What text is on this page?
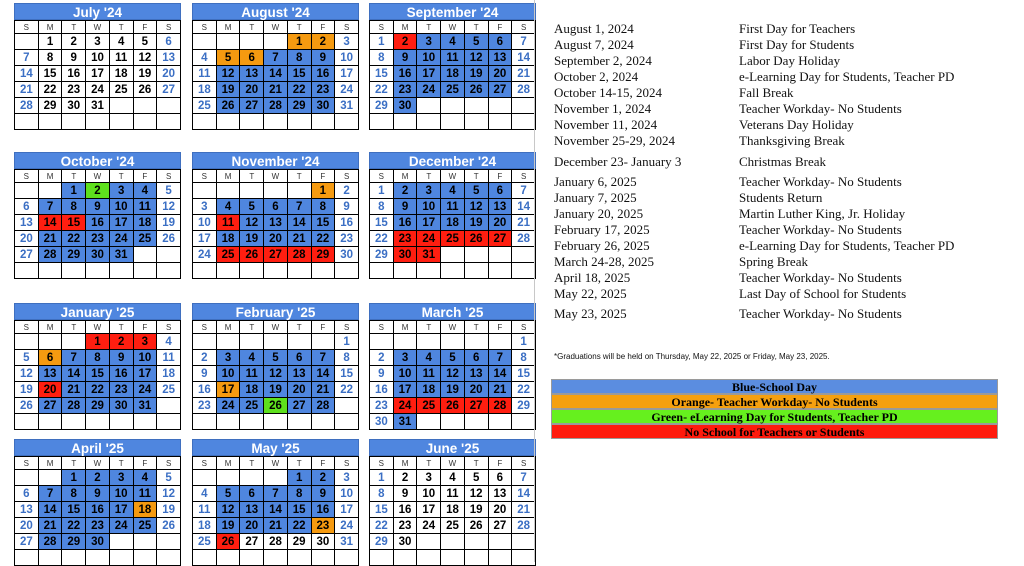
July '24
S	M	T	W	T	F	S
	1	2	3	4	5	6
7	8	9	10	11	12	13
14	15	16	17	18	19	20
21	22	23	24	25	26	27
28	29	30	31			

August '24
S	M	T	W	T	F	S
				1	2	3
4	5	6	7	8	9	10
11	12	13	14	15	16	17
18	19	20	21	22	23	24
25	26	27	28	29	30	31

September '24
S	M	T	W	T	F	S
1	2	3	4	5	6	7
8	9	10	11	12	13	14
15	16	17	18	19	20	21
22	23	24	25	26	27	28
29	30					

October '24
S	M	T	W	T	F	S
		1	2	3	4	5
6	7	8	9	10	11	12
13	14	15	16	17	18	19
20	21	22	23	24	25	26
27	28	29	30	31		

November '24
S	M	T	W	T	F	S
					1	2
3	4	5	6	7	8	9
10	11	12	13	14	15	16
17	18	19	20	21	22	23
24	25	26	27	28	29	30

December '24
S	M	T	W	T	F	S
1	2	3	4	5	6	7
8	9	10	11	12	13	14
15	16	17	18	19	20	21
22	23	24	25	26	27	28
29	30	31				

January '25
S	M	T	W	T	F	S
			1	2	3	4
5	6	7	8	9	10	11
12	13	14	15	16	17	18
19	20	21	22	23	24	25
26	27	28	29	30	31	

February '25
S	M	T	W	T	F	S
						1
2	3	4	5	6	7	8
9	10	11	12	13	14	15
16	17	18	19	20	21	22
23	24	25	26	27	28	

March '25
S	M	T	W	T	F	S
						1
2	3	4	5	6	7	8
9	10	11	12	13	14	15
16	17	18	19	20	21	22
23	24	25	26	27	28	29
30	31					
April '25
S	M	T	W	T	F	S
		1	2	3	4	5
6	7	8	9	10	11	12
13	14	15	16	17	18	19
20	21	22	23	24	25	26
27	28	29	30			

May '25
S	M	T	W	T	F	S
				1	2	3
4	5	6	7	8	9	10
11	12	13	14	15	16	17
18	19	20	21	22	23	24
25	26	27	28	29	30	31

June '25
S	M	T	W	T	F	S
1	2	3	4	5	6	7
8	9	10	11	12	13	14
15	16	17	18	19	20	21
22	23	24	25	26	27	28
29	30					

August 1, 2024	First Day for Teachers
August 7, 2024	First Day for Students
September 2, 2024	Labor Day Holiday
October 2, 2024	e-Learning Day for Students, Teacher PD
October 14-15, 2024	Fall Break
November 1, 2024	Teacher Workday- No Students
November 11, 2024	Veterans Day Holiday
November 25-29, 2024	Thanksgiving Break
December 23- January 3	Christmas Break
January 6, 2025	Teacher Workday- No Students
January 7, 2025	Students Return
January 20, 2025	Martin Luther King, Jr. Holiday
February 17, 2025	Teacher Workday- No Students
February 26, 2025	e-Learning Day for Students, Teacher PD
March 24-28, 2025	Spring Break
April 18, 2025	Teacher Workday- No Students
May 22, 2025	Last Day of School for Students
May 23, 2025	Teacher Workday- No Students
*Graduations will be held on Thursday, May 22, 2025 or Friday, May 23, 2025.
Blue-School Day
Orange- Teacher Workday- No Students
Green- eLearning Day for Students, Teacher PD
No School for Teachers or Students
